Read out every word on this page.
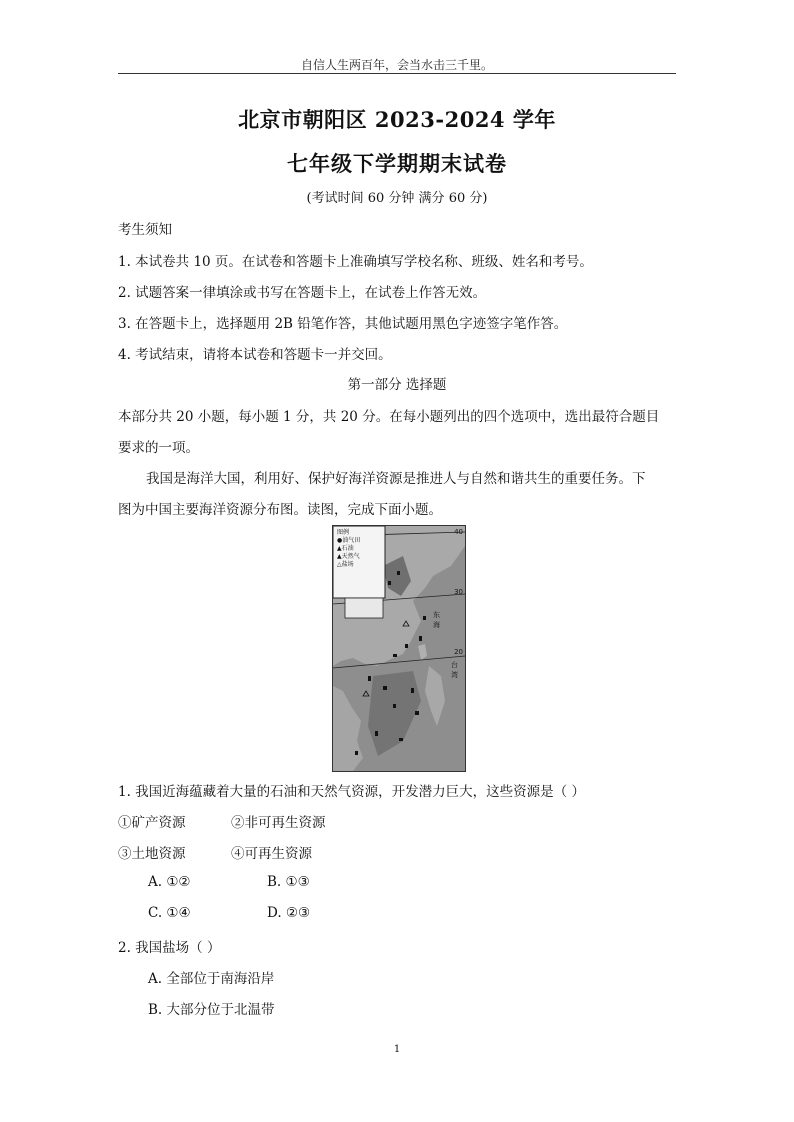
自信人生两百年，会当水击三千里。
北京市朝阳区 2023-2024 学年
七年级下学期期末试卷
(考试时间 60 分钟 满分 60 分)
考生须知
1. 本试卷共 10 页。在试卷和答题卡上准确填写学校名称、班级、姓名和考号。
2. 试题答案一律填涂或书写在答题卡上，在试卷上作答无效。
3. 在答题卡上，选择题用 2B 铅笔作答，其他试题用黑色字迹签字笔作答。
4. 考试结束，请将本试卷和答题卡一并交回。
第一部分 选择题
本部分共 20 小题，每小题 1 分，共 20 分。在每小题列出的四个选项中，选出最符合题目
要求的一项。
我国是海洋大国，利用好、保护好海洋资源是推进人与自然和谐共生的重要任务。下
图为中国主要海洋资源分布图。读图，完成下面小题。
图例
●油气田
▲石油
▲天然气
△盐场
40
30
20
东
海
台
湾
1. 我国近海蕴藏着大量的石油和天然气资源，开发潜力巨大，这些资源是（ ）
①矿产资源	②非可再生资源
③土地资源	④可再生资源
A. ①②	B. ①③
C. ①④	D. ②③
2. 我国盐场（ ）
A. 全部位于南海沿岸
B. 大部分位于北温带
1
